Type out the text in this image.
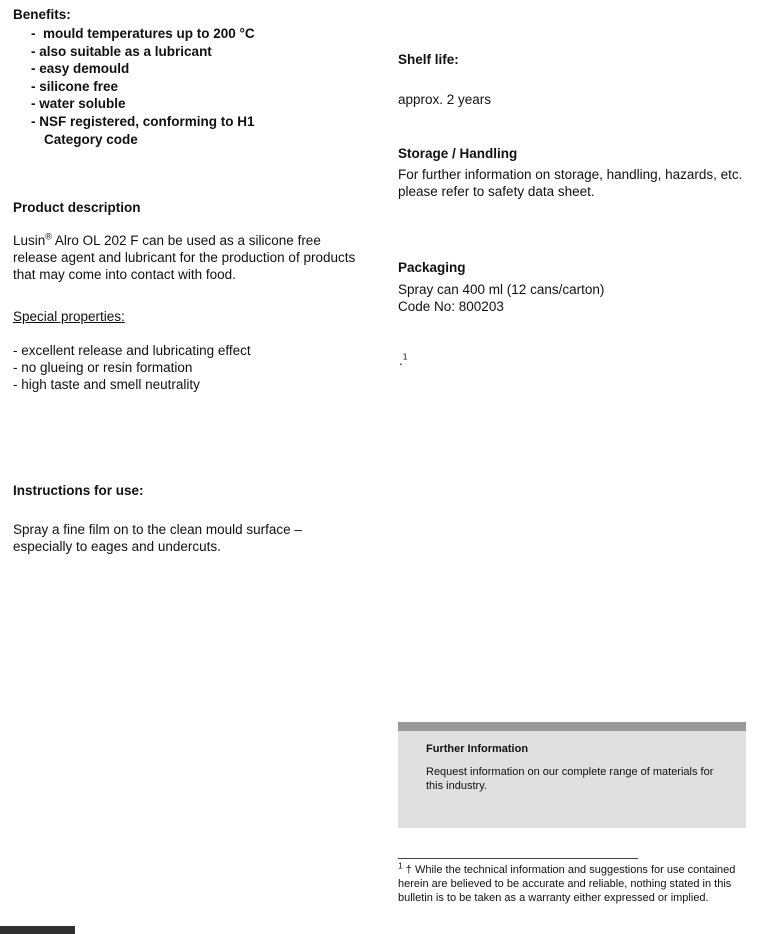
Benefits:
-  mould temperatures up to 200 °C
- also suitable as a lubricant
- easy demould
- silicone free
- water soluble
- NSF registered, conforming to H1
Category code
Product description

Lusin® Alro OL 202 F can be used as a silicone free release agent and lubricant for the production of products that may come into contact with food.

Special properties:
- excellent release and lubricating effect
- no glueing or resin formation
- high taste and smell neutrality
Instructions for use:

Spray a fine film on to the clean mould surface – especially to eages and undercuts.

Shelf life:
approx. 2 years
Storage / Handling

For further information on storage, handling, hazards, etc. please refer to safety data sheet.

Packaging
Spray can 400 ml (12 cans/carton)
Code No: 800203
.$^1$
Further Information
Request information on our complete range of materials for this industry.

$^1$ † While the technical information and suggestions for use contained herein are believed to be accurate and reliable, nothing stated in this bulletin is to be taken as a warranty either expressed or implied.
